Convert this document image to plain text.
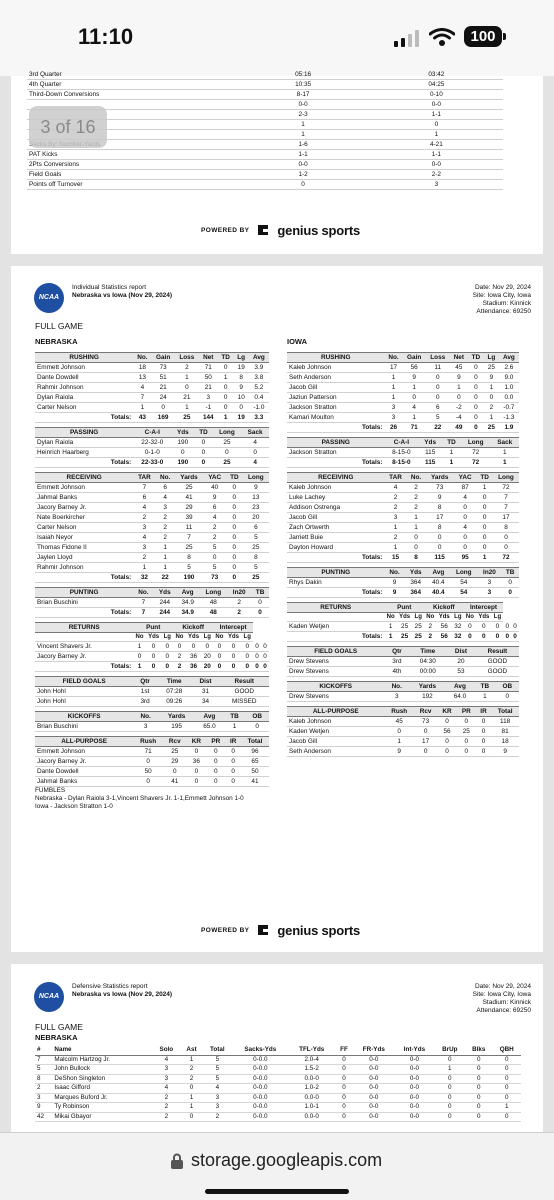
11:10	100
3rd Quarter	05:16	03:42
4th Quarter	10:35	04:25
Third-Down Conversions	8-17	0-10
	0-0	0-0
	2-3	1-1
	1	0
	1	1
	1-6	4-21
PAT Kicks	1-1	1-1
2Pts Conversions	0-0	0-0
Field Goals	1-2	2-2
Points off Turnover	0	3
POWERED BY genius sports
3 of 16
NCAA
Individual Statistics report
Nebraska vs Iowa (Nov 29, 2024)
Date: Nov 29, 2024
Site: Iowa City, Iowa
Stadium: Kinnick
Attendance: 69250
FULL GAME
NEBRASKA	IOWA
RUSHING	No.	Gain	Loss	Net	TD	Lg	Avg
Emmett Johnson	18	73	2	71	0	19	3.9
Dante Dowdell	13	51	1	50	1	8	3.8
Rahmir Johnson	4	21	0	21	0	9	5.2
Dylan Raiola	7	24	21	3	0	10	0.4
Carter Nelson	1	0	1	-1	0	0	-1.0
Totals:	43	169	25	144	1	19	3.3
PASSING	C-A-I	Yds	TD	Long	Sack
Dylan Raiola	22-32-0	190	0	25	4
Heinrich Haarberg	0-1-0	0	0	0	0
Totals:	22-33-0	190	0	25	4
RECEIVING	TAR	No.	Yards	YAC	TD	Long
Emmett Johnson	7	6	25	40	0	9
Jahmal Banks	6	4	41	9	0	13
Jacory Barney Jr.	4	3	29	6	0	23
Nate Boerkircher	2	2	39	4	0	20
Carter Nelson	3	2	11	2	0	6
Isaiah Neyor	4	2	7	2	0	5
Thomas Fidone II	3	1	25	5	0	25
Jaylen Lloyd	2	1	8	0	0	8
Rahmir Johnson	1	1	5	5	0	5
Totals:	32	22	190	73	0	25
PUNTING	No.	Yds	Avg	Long	In20	TB
Brian Buschini	7	244	34.9	48	2	0
Totals:	7	244	34.9	48	2	0
RETURNS	Punt			Kickoff			Intercept				
	No	Yds	Lg	No	Yds	Lg	No	Yds	Lg		
Vincent Shavers Jr.	1	0	0	0	0	0	0	0	0	0	0
Jacory Barney Jr.	0	0	0	2	36	20	0	0	0	0	0
Totals:	1	0	0	2	36	20	0	0	0	0	0
FIELD GOALS	Qtr	Time	Dist	Result
John Hohl	1st	07:28	31	GOOD
John Hohl	3rd	09:26	34	MISSED
KICKOFFS	No.	Yards	Avg	TB	OB
Brian Buschini	3	195	65.0	1	0
ALL-PURPOSE	Rush	Rcv	KR	PR	IR	Total
Emmett Johnson	71	25	0	0	0	96
Jacory Barney Jr.	0	29	36	0	0	65
Dante Dowdell	50	0	0	0	0	50
Jahmal Banks	0	41	0	0	0	41
RUSHING	No.	Gain	Loss	Net	TD	Lg	Avg
Kaleb Johnson	17	56	11	45	0	25	2.6
Seth Anderson	1	9	0	9	0	9	9.0
Jacob Gill	1	1	0	1	0	1	1.0
Jaziun Patterson	1	0	0	0	0	0	0.0
Jackson Stratton	3	4	6	-2	0	2	-0.7
Kamari Moulton	3	1	5	-4	0	1	-1.3
Totals:	26	71	22	49	0	25	1.9
PASSING	C-A-I	Yds	TD	Long	Sack
Jackson Stratton	8-15-0	115	1	72	1
Totals:	8-15-0	115	1	72	1
RECEIVING	TAR	No.	Yards	YAC	TD	Long
Kaleb Johnson	4	2	73	87	1	72
Luke Lachey	2	2	9	4	0	7
Addison Ostrenga	2	2	8	0	0	7
Jacob Gill	3	1	17	0	0	17
Zach Ortwerth	1	1	8	4	0	8
Jarriett Buie	2	0	0	0	0	0
Dayton Howard	1	0	0	0	0	0
Totals:	15	8	115	95	1	72
PUNTING	No.	Yds	Avg	Long	In20	TB
Rhys Dakin	9	364	40.4	54	3	0
Totals:	9	364	40.4	54	3	0
RETURNS	Punt			Kickoff			Intercept				
	No	Yds	Lg	No	Yds	Lg	No	Yds	Lg		
Kaden Wetjen	1	25	25	2	56	32	0	0	0	0	0
Totals:	1	25	25	2	56	32	0	0	0	0	0
FIELD GOALS	Qtr	Time	Dist	Result
Drew Stevens	3rd	04:30	20	GOOD
Drew Stevens	4th	00:00	53	GOOD
KICKOFFS	No.	Yards	Avg	TB	OB
Drew Stevens	3	192	64.0	1	0
ALL-PURPOSE	Rush	Rcv	KR	PR	IR	Total
Kaleb Johnson	45	73	0	0	0	118
Kaden Wetjen	0	0	56	25	0	81
Jacob Gill	1	17	0	0	0	18
Seth Anderson	9	0	0	0	0	9
FUMBLES
Nebraska - Dylan Raiola 3-1,Vincent Shavers Jr. 1-1,Emmett Johnson 1-0
Iowa - Jackson Stratton 1-0
POWERED BY genius sports
NCAA
Defensive Statistics report
Nebraska vs Iowa (Nov 29, 2024)
Date: Nov 29, 2024
Site: Iowa City, Iowa
Stadium: Kinnick
Attendance: 69250
FULL GAME
NEBRASKA
#	Name	Solo	Ast	Total	Sacks-Yds	TFL-Yds	FF	FR-Yds	Int-Yds	BrUp	Blks	QBH
7	Malcolm Hartzog Jr.	4	1	5	0-0.0	2.0-4	0	0-0	0-0	0	0	0
5	John Bullock	3	2	5	0-0.0	1.5-2	0	0-0	0-0	1	0	0
8	DeShon Singleton	3	2	5	0-0.0	0.0-0	0	0-0	0-0	0	0	0
2	Isaac Gifford	4	0	4	0-0.0	1.0-2	0	0-0	0-0	0	0	0
3	Marques Buford Jr.	2	1	3	0-0.0	0.0-0	0	0-0	0-0	0	0	0
9	Ty Robinson	2	1	3	0-0.0	1.0-1	0	0-0	0-0	0	0	1
42	Mikai Gbayor	2	0	2	0-0.0	0.0-0	0	0-0	0-0	0	0	0
storage.googleapis.com
